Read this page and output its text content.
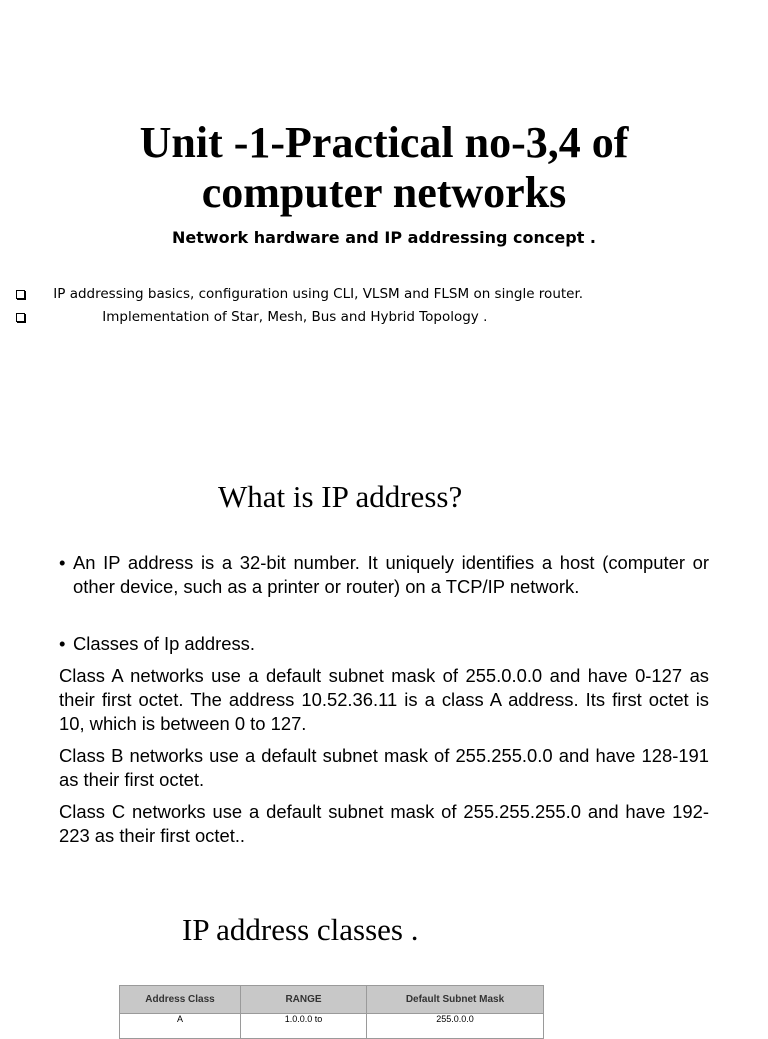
Unit -1-Practical no-3,4 of
computer networks
Network hardware and IP addressing concept .
IP addressing basics, configuration using CLI, VLSM and FLSM on single router.
Implementation of Star, Mesh, Bus and Hybrid Topology .
What is IP address?
• An IP address is a 32-bit number. It uniquely identifies a host (computer or other device, such as a printer or router) on a TCP/IP network.
• Classes of Ip address.
Class A networks use a default subnet mask of 255.0.0.0 and have 0-127 as their first octet. The address 10.52.36.11 is a class A address. Its first octet is 10, which is between 0 to 127.
Class B networks use a default subnet mask of 255.255.0.0 and have 128-191 as their first octet.
Class C networks use a default subnet mask of 255.255.255.0 and have 192-223 as their first octet..
IP address classes .
Address Class	RANGE	Default Subnet Mask
A	1.0.0.0 to	255.0.0.0
